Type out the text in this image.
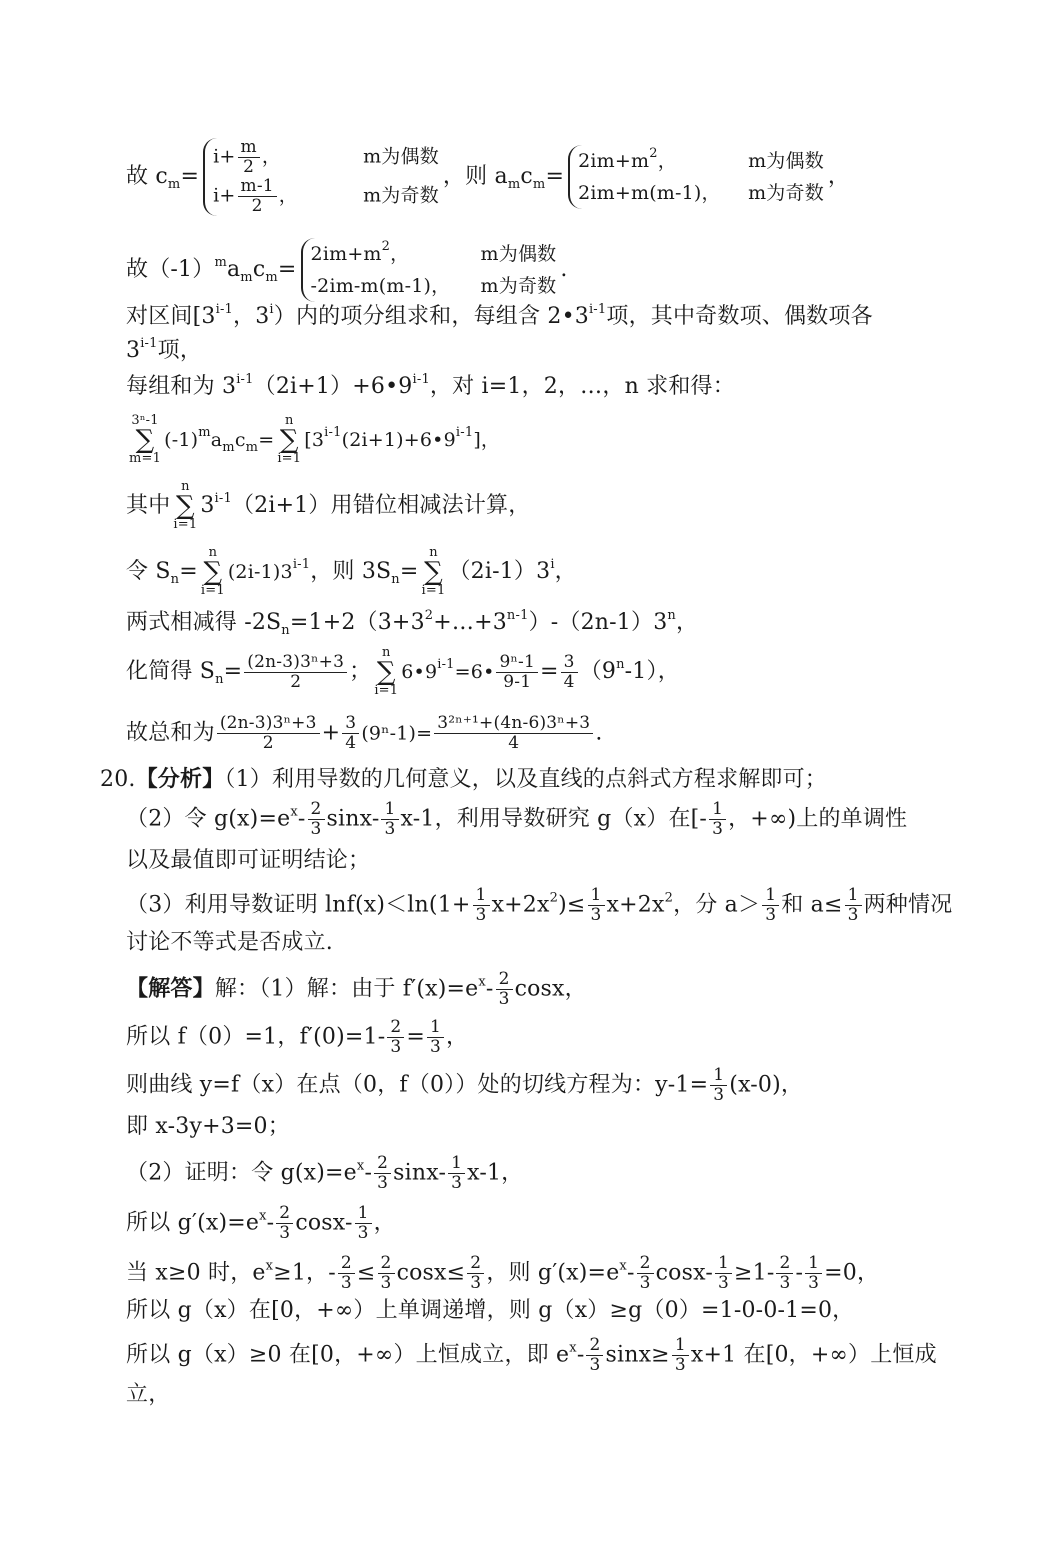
故 $c_m=$
$i+ \frac{m}{2}$ ，	m为偶数
$i+ \frac{m-1}{2}$ ，	m为奇数
，则 $a_mc_m=$
$2im+m^2$，	m为偶数
2im+m(m-1)， m为奇数
，
故$(-1)^ma_mc_m=$
$2im+m^2$，	m为偶数
-2im-m(m-1)， m为奇数
.
对区间[3$^{i-1}$，3$^i$）内的项分组求和，每组含 2•3$^{i-1}$项，其中奇数项、偶数项各
3$^{i-1}$项，
每组和为 $3^{i-1}(2i+1)+6•9^{i-1}$，对 i=1，2，…，n 求和得：
3ⁿ-1
∑
$m=1(-1)^ma_mc_m=n$
∑
$i=1[3^{i-1}(2i+1)+6•9^{i-1}]$，
其中n
∑
$i=13^{i-1}(2i+1)$用错位相减法计算，
令 $S_n=n$
∑
$i=1(2i-1)3^{i-1}$，则 $3S_n=n$
∑
$i=1(2i-1)3^i$，
两式相减得 $-2S_n=1+2(3+3^2+\dots+3^{n-1})-(2n-1)3^n$，
化简得 $S_n= \frac{\text{(2n-3)3ⁿ+3}}{2}$ ；n
∑
$i=16•9^{i-1}=6• \frac{\text{9ⁿ-1}}{9-1} = \frac{3}{4} (9^n-1)$，
故总和为 $\frac{\text{(2n-3)3ⁿ+3}}{2} + \frac{3}{4} (9^n-1)= \frac{\text{3²ⁿ⁺¹+(4n-6)3ⁿ+3}}{4}$ .
20.【分析】（1）利用导数的几何意义，以及直线的点斜式方程求解即可；
（2）令 $g(x)=e^x- \frac{2}{3} \sin x- \frac{1}{3} x-1$，利用导数研究 g（x）在[- $\frac{1}{3}$ ，+∞)上的单调性
以及最值即可证明结论；
（3）利用导数证明 $\ln f(x)<\ln(1+ \frac{1}{3} x+2x^2)\le \frac{1}{3} x+2x^2$，分 $a> \frac{1}{3}$ 和 $a\le \frac{1}{3}$ 两种情况
讨论不等式是否成立.
【解答】解：（1）解：由于 $f'(x)=e^x- \frac{2}{3}$ cosx，
所以 f（0）=1，$f'(0)=1- \frac{2}{3} = \frac{1}{3}$ ，
则曲线 y=f（x）在点（0，f（0））处的切线方程为：$y-1= \frac{1}{3} (x-0)$，
即 x-3y+3=0；
（2）证明：令 $g(x)=e^x- \frac{2}{3} \sin x- \frac{1}{3} x-1$，
所以 $g'(x)=e^x- \frac{2}{3} \cos x- \frac{1}{3}$ ，
当 x≥0 时，$e^x\ge 1$，- $\frac{2}{3} \le \frac{2}{3} \cos x\le \frac{2}{3}$ ，则 $g'(x)=e^x- \frac{2}{3} \cos x- \frac{1}{3} \ge 1- \frac{2}{3} - \frac{1}{3} =0$，
所以 g（x）在[0，+∞）上单调递增，则 g（x）≥g（0）=1-0-0-1=0，
所以 g（x）≥0 在[0，+∞）上恒成立，即 $e^x- \frac{2}{3} \sin x\ge \frac{1}{3} x+1$ 在[0，+∞）上恒成
立，
